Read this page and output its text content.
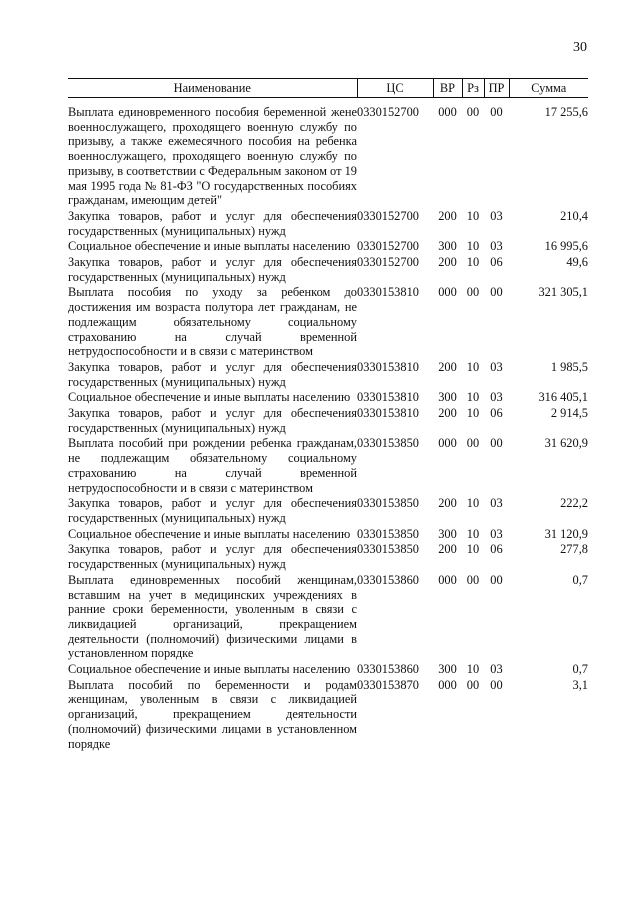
30
Наименование	ЦС	ВР	Рз	ПР	Сумма
Выплата единовременного пособия беременной жене военнослужащего, проходящего военную службу по призыву, а также ежемесячного пособия на ребенка военнослужащего, проходящего военную службу по призыву, в соответствии с Федеральным законом от 19 мая 1995 года № 81-ФЗ "О государственных пособиях гражданам, имеющим детей"	0330152700	000	00	00	17 255,6
Закупка товаров, работ и услуг для обеспечения государственных (муниципальных) нужд	0330152700	200	10	03	210,4
Социальное обеспечение и иные выплаты населению	0330152700	300	10	03	16 995,6
Закупка товаров, работ и услуг для обеспечения государственных (муниципальных) нужд	0330152700	200	10	06	49,6
Выплата пособия по уходу за ребенком до достижения им возраста полутора лет гражданам, не подлежащим обязательному социальному страхованию на случай временной нетрудоспособности и в связи с материнством	0330153810	000	00	00	321 305,1
Закупка товаров, работ и услуг для обеспечения государственных (муниципальных) нужд	0330153810	200	10	03	1 985,5
Социальное обеспечение и иные выплаты населению	0330153810	300	10	03	316 405,1
Закупка товаров, работ и услуг для обеспечения государственных (муниципальных) нужд	0330153810	200	10	06	2 914,5
Выплата пособий при рождении ребенка гражданам, не подлежащим обязательному социальному страхованию на случай временной нетрудоспособности и в связи с материнством	0330153850	000	00	00	31 620,9
Закупка товаров, работ и услуг для обеспечения государственных (муниципальных) нужд	0330153850	200	10	03	222,2
Социальное обеспечение и иные выплаты населению	0330153850	300	10	03	31 120,9
Закупка товаров, работ и услуг для обеспечения государственных (муниципальных) нужд	0330153850	200	10	06	277,8
Выплата единовременных пособий женщинам, вставшим на учет в медицинских учреждениях в ранние сроки беременности, уволенным в связи с ликвидацией организаций, прекращением деятельности (полномочий) физическими лицами в установленном порядке	0330153860	000	00	00	0,7
Социальное обеспечение и иные выплаты населению	0330153860	300	10	03	0,7
Выплата пособий по беременности и родам женщинам, уволенным в связи с ликвидацией организаций, прекращением деятельности (полномочий) физическими лицами в установленном порядке	0330153870	000	00	00	3,1
